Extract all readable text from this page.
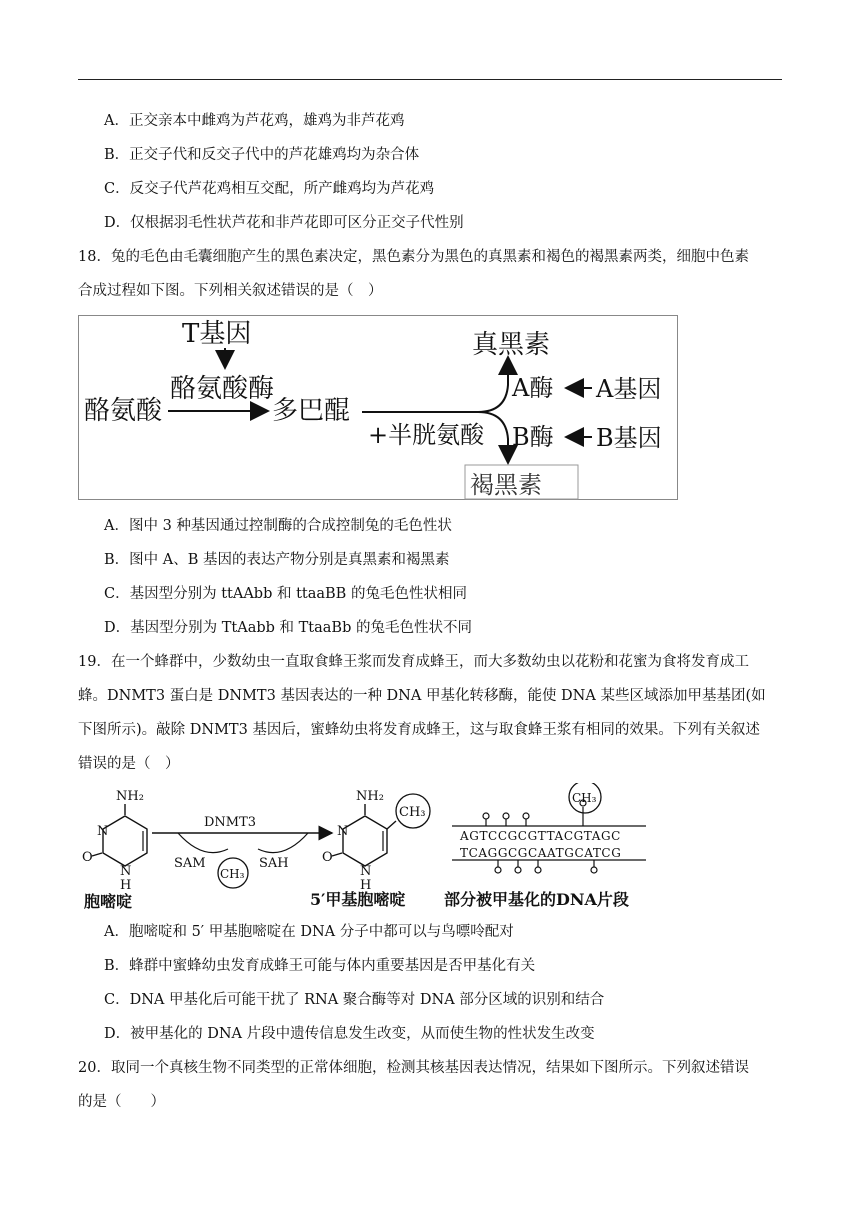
A．正交亲本中雌鸡为芦花鸡，雄鸡为非芦花鸡
B．正交子代和反交子代中的芦花雄鸡均为杂合体
C．反交子代芦花鸡相互交配，所产雌鸡均为芦花鸡
D．仅根据羽毛性状芦花和非芦花即可区分正交子代性别
18．兔的毛色由毛囊细胞产生的黑色素决定，黑色素分为黑色的真黑素和褐色的褐黑素两类，细胞中色素
合成过程如下图。下列相关叙述错误的是（　）
T基因
酪氨酸酶
酪氨酸	多巴醌
+半胱氨酸
真黑素
A酶 A基因
B酶 B基因
褐黑素
A．图中 3 种基因通过控制酶的合成控制兔的毛色性状
B．图中 A、B 基因的表达产物分别是真黑素和褐黑素
C．基因型分别为 ttAAbb 和 ttaaBB 的兔毛色性状相同
D．基因型分别为 TtAabb 和 TtaaBb 的兔毛色性状不同
19．在一个蜂群中，少数幼虫一直取食蜂王浆而发育成蜂王，而大多数幼虫以花粉和花蜜为食将发育成工
蜂。DNMT3 蛋白是 DNMT3 基因表达的一种 DNA 甲基化转移酶，能使 DNA 某些区域添加甲基基团(如
下图所示)。敲除 DNMT3 基因后，蜜蜂幼虫将发育成蜂王，这与取食蜂王浆有相同的效果。下列有关叙述
错误的是（　）
NH₂
N
N
H
O
DNMT3
SAM	SAH
CH₃
NH₂
N
N
H
O
CH₃
AGTCCGCGTTACGTAGC
TCAGGCGCAATGCATCG
CH₃
胞嘧啶	5′甲基胞嘧啶 部分被甲基化的DNA片段
A．胞嘧啶和 5′ 甲基胞嘧啶在 DNA 分子中都可以与鸟嘌呤配对
B．蜂群中蜜蜂幼虫发育成蜂王可能与体内重要基因是否甲基化有关
C．DNA 甲基化后可能干扰了 RNA 聚合酶等对 DNA 部分区域的识别和结合
D．被甲基化的 DNA 片段中遗传信息发生改变，从而使生物的性状发生改变
20．取同一个真核生物不同类型的正常体细胞，检测其核基因表达情况，结果如下图所示。下列叙述错误
的是（　　）
